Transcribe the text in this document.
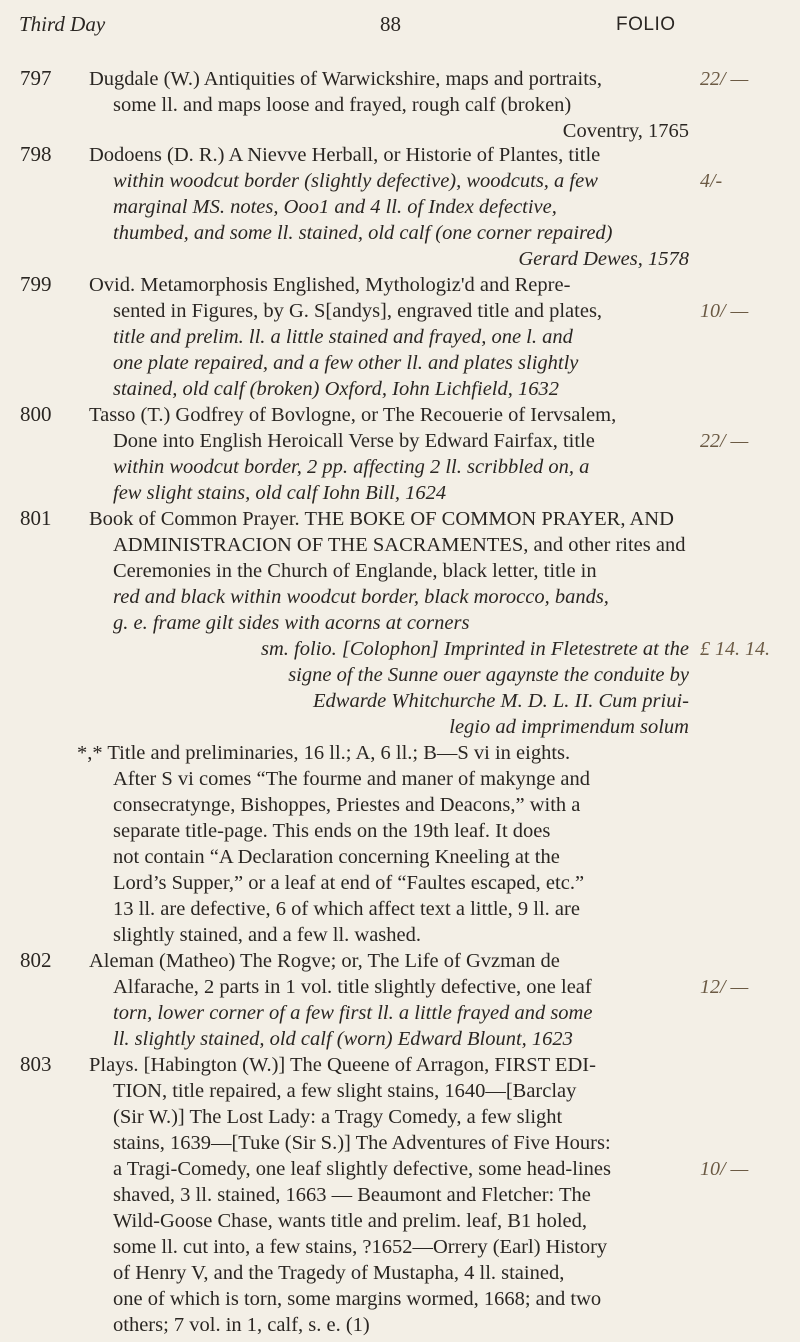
Third Day	88	FOLIO
797	Dugdale (W.) Antiquities of Warwickshire, maps and portraits,
some ll. and maps loose and frayed, rough calf (broken)
Coventry, 1765
22/ —
798	Dodoens (D. R.) A Nievve Herball, or Historie of Plantes, title
within woodcut border (slightly defective), woodcuts, a few
marginal MS. notes, Ooo1 and 4 ll. of Index defective,
thumbed, and some ll. stained, old calf (one corner repaired)
Gerard Dewes, 1578
4/-
799	Ovid. Metamorphosis Englished, Mythologiz'd and Repre-
sented in Figures, by G. S[andys], engraved title and plates,
title and prelim. ll. a little stained and frayed, one l. and
one plate repaired, and a few other ll. and plates slightly
stained, old calf (broken) Oxford, Iohn Lichfield, 1632
10/ —
800	Tasso (T.) Godfrey of Bovlogne, or The Recouerie of Iervsalem,
Done into English Heroicall Verse by Edward Fairfax, title
within woodcut border, 2 pp. affecting 2 ll. scribbled on, a
few slight stains, old calf Iohn Bill, 1624
22/ —
801	Book of Common Prayer. THE BOKE OF COMMON PRAYER, AND
ADMINISTRACION OF THE SACRAMENTES, and other rites and
Ceremonies in the Church of Englande, black letter, title in
red and black within woodcut border, black morocco, bands,
g. e. frame gilt sides with acorns at corners
sm. folio. [Colophon] Imprinted in Fletestrete at the
signe of the Sunne ouer agaynste the conduite by
Edwarde Whitchurche M. D. L. II. Cum priui-
legio ad imprimendum solum
*,* Title and preliminaries, 16 ll.; A, 6 ll.; B—S vi in eights.
After S vi comes “The fourme and maner of makynge and
consecratynge, Bishoppes, Priestes and Deacons,” with a
separate title-page. This ends on the 19th leaf. It does
not contain “A Declaration concerning Kneeling at the
Lord’s Supper,” or a leaf at end of “Faultes escaped, etc.”
13 ll. are defective, 6 of which affect text a little, 9 ll. are
slightly stained, and a few ll. washed.
£ 14. 14.
802	Aleman (Matheo) The Rogve; or, The Life of Gvzman de
Alfarache, 2 parts in 1 vol. title slightly defective, one leaf
torn, lower corner of a few first ll. a little frayed and some
ll. slightly stained, old calf (worn) Edward Blount, 1623
12/ —
803	Plays. [Habington (W.)] The Queene of Arragon, FIRST EDI-
TION, title repaired, a few slight stains, 1640—[Barclay
(Sir W.)] The Lost Lady: a Tragy Comedy, a few slight
stains, 1639—[Tuke (Sir S.)] The Adventures of Five Hours:
a Tragi-Comedy, one leaf slightly defective, some head-lines
shaved, 3 ll. stained, 1663 — Beaumont and Fletcher: The
Wild-Goose Chase, wants title and prelim. leaf, B1 holed,
some ll. cut into, a few stains, ?1652—Orrery (Earl) History
of Henry V, and the Tragedy of Mustapha, 4 ll. stained,
one of which is torn, some margins wormed, 1668; and two
others; 7 vol. in 1, calf, s. e. (1)
10/ —
